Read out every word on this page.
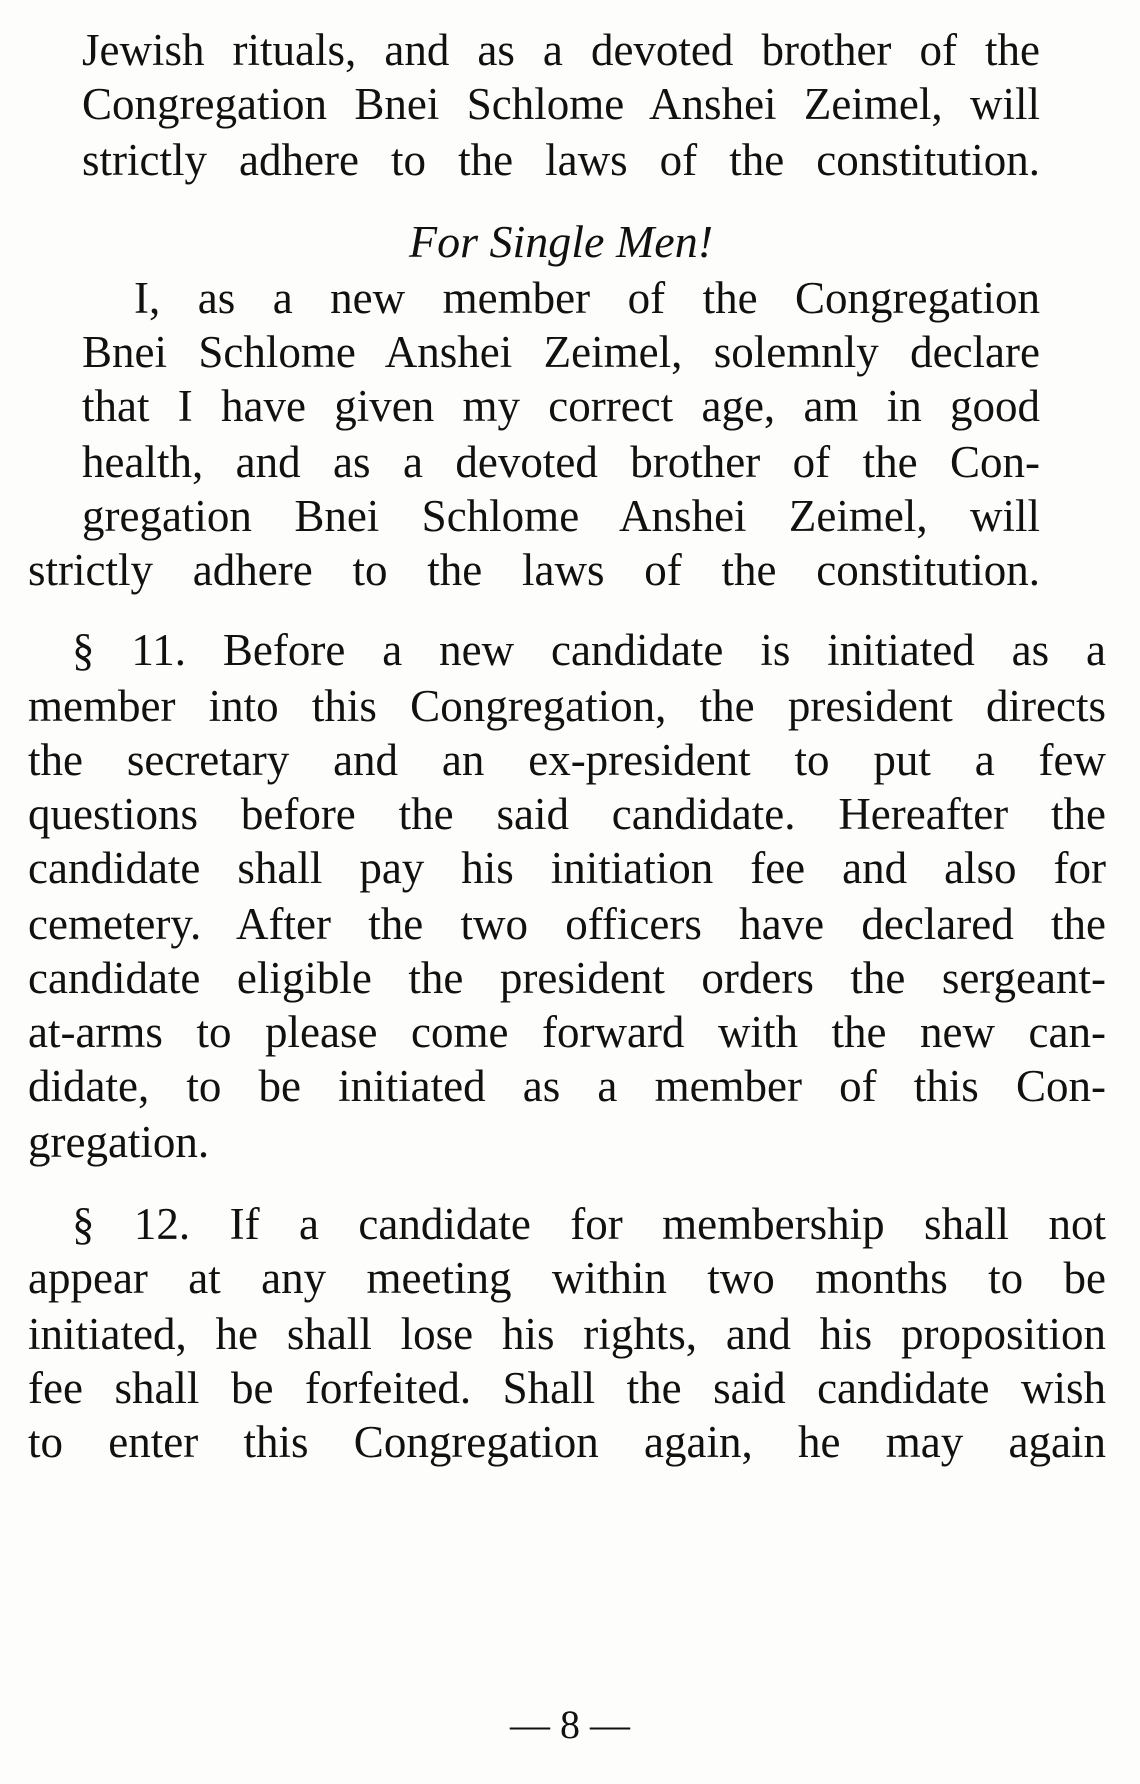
Jewish rituals, and as a devoted brother of the
Congregation Bnei Schlome Anshei Zeimel, will
strictly adhere to the laws of the constitution.
For Single Men!
I, as a new member of the Congregation
Bnei Schlome Anshei Zeimel, solemnly declare
that I have given my correct age, am in good
health, and as a devoted brother of the Con-
gregation Bnei Schlome Anshei Zeimel, will
strictly adhere to the laws of the constitution.
§ 11. Before a new candidate is initiated as a
member into this Congregation, the president directs
the secretary and an ex-president to put a few
questions before the said candidate. Hereafter the
candidate shall pay his initiation fee and also for
cemetery. After the two officers have declared the
candidate eligible the president orders the sergeant-
at-arms to please come forward with the new can-
didate, to be initiated as a member of this Con-
gregation.
§ 12. If a candidate for membership shall not
appear at any meeting within two months to be
initiated, he shall lose his rights, and his proposition
fee shall be forfeited. Shall the said candidate wish
to enter this Congregation again, he may again
— 8 —
